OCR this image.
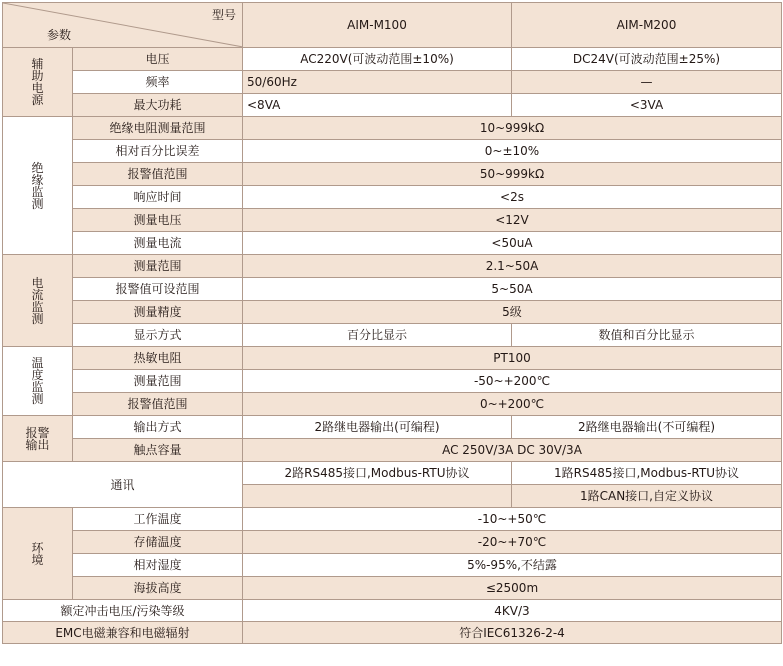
型号
参数		AIM-M100	AIM-M200

辅
助
电
源	电压	AC220V(可波动范围±10%)	DC24V(可波动范围±25%)
	频率	50/60Hz	—
	最大功耗	<8VA	<3VA

绝
缘
监
测	绝缘电阻测量范围	10~999kΩ	
	相对百分比误差	0~±10%	
	报警值范围	50~999kΩ	
	响应时间	<2s	
	测量电压	<12V	
	测量电流	<50uA	

电
流
监
测	测量范围	2.1~50A	
	报警值可设范围	5~50A	
	测量精度	5级	
	显示方式	百分比显示	数值和百分比显示

温
度
监
测	热敏电阻	PT100	
	测量范围	-50~+200℃	
	报警值范围	0~+200℃	

报警
输出	输出方式	2路继电器输出(可编程)	2路继电器输出(不可编程)
	触点容量	AC 250V/3A DC 30V/3A	
通讯		2路RS485接口,Modbus-RTU协议	1路RS485接口,Modbus-RTU协议
			1路CAN接口,自定义协议

环
境	工作温度	-10~+50℃	
	存储温度	-20~+70℃	
	相对湿度	5%-95%,不结露	
	海拔高度	≤2500m	
额定冲击电压/污染等级		4KV/3	
EMC电磁兼容和电磁辐射		符合IEC61326-2-4	
